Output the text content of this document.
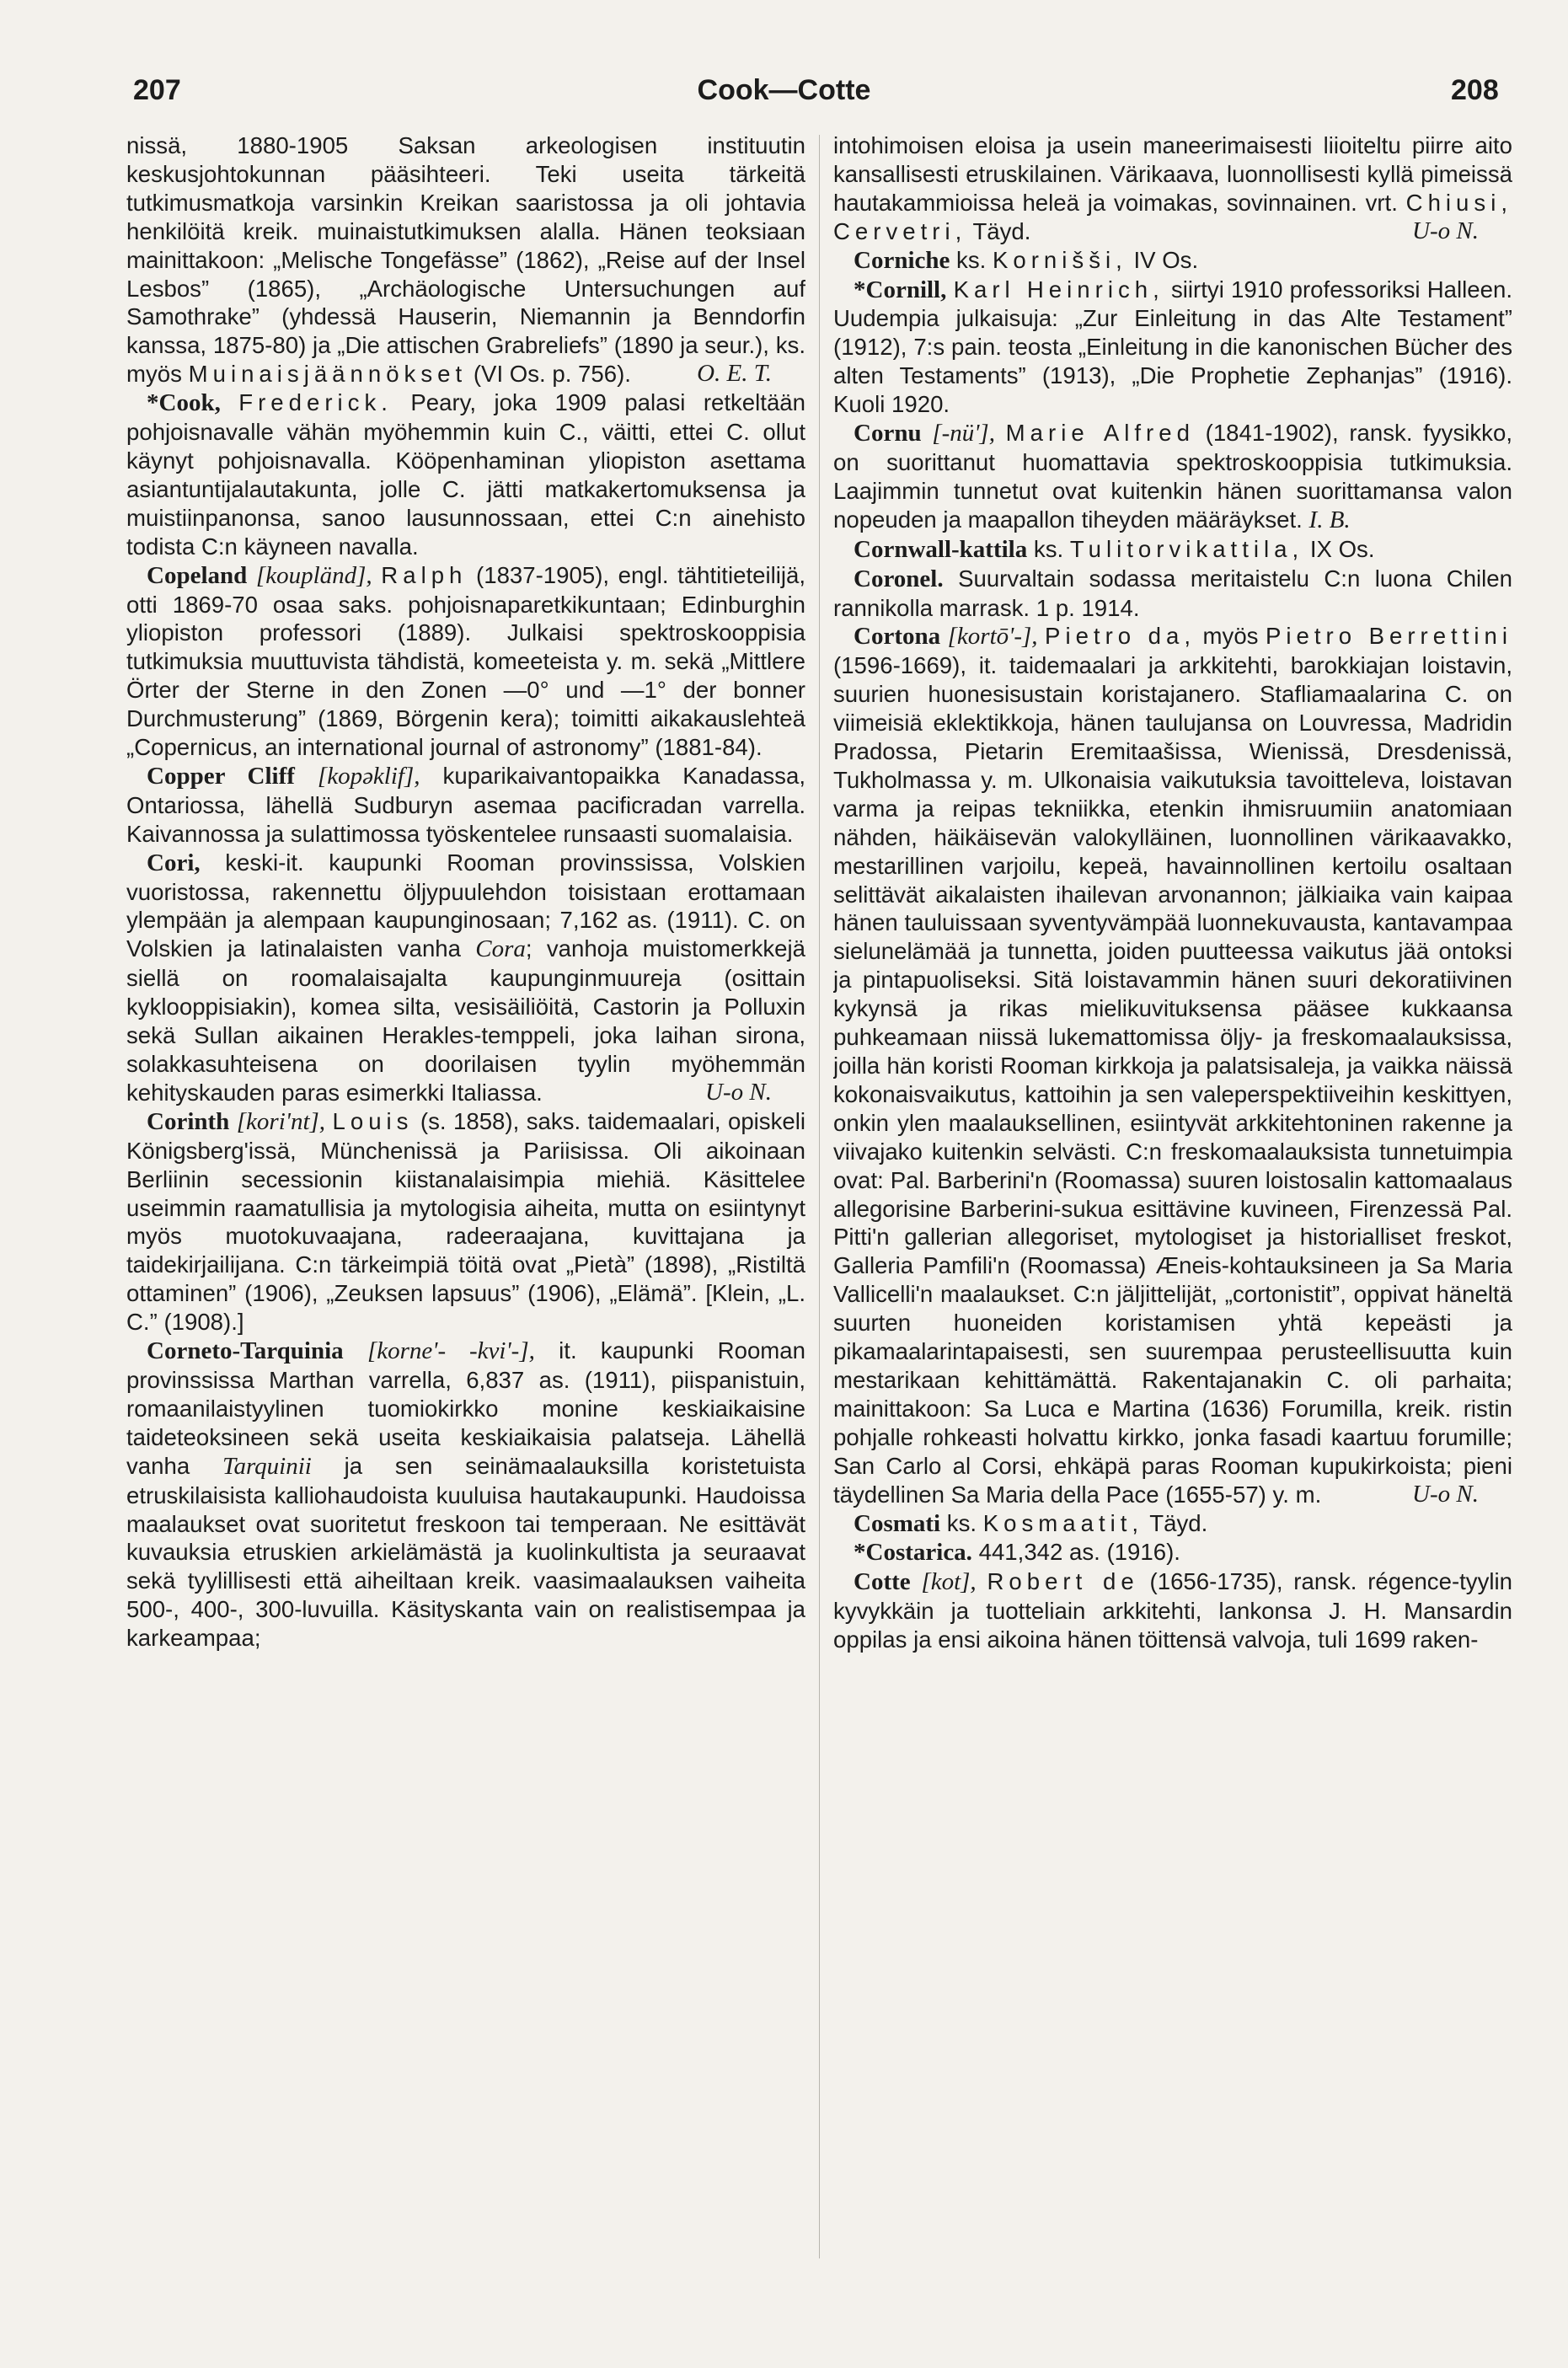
207	Cook—Cotte	208

nissä, 1880-1905 Saksan arkeologisen instituutin keskusjohtokunnan pääsihteeri. Teki useita tärkeitä tutkimusmatkoja varsinkin Kreikan saaristossa ja oli johtavia henkilöitä kreik. muinaistutkimuksen alalla. Hänen teoksiaan mainittakoon: „Melische Tongefässe” (1862), „Reise auf der Insel Lesbos” (1865), „Archäologische Untersuchungen auf Samothrake” (yhdessä Hauserin, Niemannin ja Benndorfin kanssa, 1875-80) ja „Die attischen Grabreliefs” (1890 ja seur.), ks. myös Muinaisjäännökset (VI Os. p. 756).	O. E. T.

*Cook, Frederick. Peary, joka 1909 palasi retkeltään pohjoisnavalle vähän myöhemmin kuin C., väitti, ettei C. ollut käynyt pohjoisnavalla. Kööpenhaminan yliopiston asettama asiantuntijalautakunta, jolle C. jätti matkakertomuksensa ja muistiinpanonsa, sanoo lausunnossaan, ettei C:n ainehisto todista C:n käyneen navalla.

Copeland [koupländ], Ralph (1837-1905), engl. tähtitieteilijä, otti 1869-70 osaa saks. pohjoisnaparetkikuntaan; Edinburghin yliopiston professori (1889). Julkaisi spektroskooppisia tutkimuksia muuttuvista tähdistä, komeeteista y. m. sekä „Mittlere Örter der Sterne in den Zonen —0° und —1° der bonner Durchmusterung” (1869, Börgenin kera); toimitti aikakauslehteä „Copernicus, an international journal of astronomy” (1881-84).

Copper Cliff [kopəklif], kuparikaivantopaikka Kanadassa, Ontariossa, lähellä Sudburyn asemaa pacificradan varrella. Kaivannossa ja sulattimossa työskentelee runsaasti suomalaisia.

Cori, keski-it. kaupunki Rooman provinssissa, Volskien vuoristossa, rakennettu öljypuulehdon toisistaan erottamaan ylempään ja alempaan kaupunginosaan; 7,162 as. (1911). C. on Volskien ja latinalaisten vanha Cora; vanhoja muistomerkkejä siellä on roomalaisajalta kaupunginmuureja (osittain kyklooppisiakin), komea silta, vesisäiliöitä, Castorin ja Polluxin sekä Sullan aikainen Herakles-temppeli, joka laihan sirona, solakkasuhteisena on doorilaisen tyylin myöhemmän kehityskauden paras esimerkki Italiassa.	U-o N.

Corinth [kori'nt], Louis (s. 1858), saks. taidemaalari, opiskeli Königsberg'issä, Münchenissä ja Pariisissa. Oli aikoinaan Berliinin secessionin kiistanalaisimpia miehiä. Käsittelee useimmin raamatullisia ja mytologisia aiheita, mutta on esiintynyt myös muotokuvaajana, radeeraajana, kuvittajana ja taidekirjailijana. C:n tärkeimpiä töitä ovat „Pietà” (1898), „Ristiltä ottaminen” (1906), „Zeuksen lapsuus” (1906), „Elämä”. [Klein, „L. C.” (1908).]

Corneto-Tarquinia [korne'- -kvi'-], it. kaupunki Rooman provinssissa Marthan varrella, 6,837 as. (1911), piispanistuin, romaanilaistyylinen tuomiokirkko monine keskiaikaisine taideteoksineen sekä useita keskiaikaisia palatseja. Lähellä vanha Tarquinii ja sen seinämaalauksilla koristetuista etruskilaisista kalliohaudoista kuuluisa hautakaupunki. Haudoissa maalaukset ovat suoritetut freskoon tai temperaan. Ne esittävät kuvauksia etruskien arkielämästä ja kuolinkultista ja seuraavat sekä tyylillisesti että aiheiltaan kreik. vaasimaalauksen vaiheita 500-, 400-, 300-luvuilla. Käsityskanta vain on realistisempaa ja karkeampaa;

intohimoisen eloisa ja usein maneerimaisesti liioiteltu piirre aito kansallisesti etruskilainen. Värikaava, luonnollisesti kyllä pimeissä hautakammioissa heleä ja voimakas, sovinnainen. vrt. Chiusi, Cervetri, Täyd.	U-o N.

Corniche ks. Kornišši, IV Os.

*Cornill, Karl Heinrich, siirtyi 1910 professoriksi Halleen. Uudempia julkaisuja: „Zur Einleitung in das Alte Testament” (1912), 7:s pain. teosta „Einleitung in die kanonischen Bücher des alten Testaments” (1913), „Die Prophetie Zephanjas” (1916). Kuoli 1920.

Cornu [-nü'], Marie Alfred (1841-1902), ransk. fyysikko, on suorittanut huomattavia spektroskooppisia tutkimuksia. Laajimmin tunnetut ovat kuitenkin hänen suorittamansa valon nopeuden ja maapallon tiheyden määräykset. I. B.

Cornwall-kattila ks. Tulitorvikattila, IX Os.

Coronel. Suurvaltain sodassa meritaistelu C:n luona Chilen rannikolla marrask. 1 p. 1914.

Cortona [kortō'-], Pietro da, myös Pietro Berrettini (1596-1669), it. taidemaalari ja arkkitehti, barokkiajan loistavin, suurien huonesisustain koristajanero. Stafliamaalarina C. on viimeisiä eklektikkoja, hänen taulujansa on Louvressa, Madridin Pradossa, Pietarin Eremitaašissa, Wienissä, Dresdenissä, Tukholmassa y. m. Ulkonaisia vaikutuksia tavoitteleva, loistavan varma ja reipas tekniikka, etenkin ihmisruumiin anatomiaan nähden, häikäisevän valokylläinen, luonnollinen värikaavakko, mestarillinen varjoilu, kepeä, havainnollinen kertoilu osaltaan selittävät aikalaisten ihailevan arvonannon; jälkiaika vain kaipaa hänen tauluissaan syventyvämpää luonnekuvausta, kantavampaa sielunelämää ja tunnetta, joiden puutteessa vaikutus jää ontoksi ja pintapuoliseksi. Sitä loistavammin hänen suuri dekoratiivinen kykynsä ja rikas mielikuvituksensa pääsee kukkaansa puhkeamaan niissä lukemattomissa öljy- ja freskomaalauksissa, joilla hän koristi Rooman kirkkoja ja palatsisaleja, ja vaikka näissä kokonaisvaikutus, kattoihin ja sen valeperspektiiveihin keskittyen, onkin ylen maalauksellinen, esiintyvät arkkitehtoninen rakenne ja viivajako kuitenkin selvästi. C:n freskomaalauksista tunnetuimpia ovat: Pal. Barberini'n (Roomassa) suuren loistosalin kattomaalaus allegorisine Barberini-sukua esittävine kuvineen, Firenzessä Pal. Pitti'n gallerian allegoriset, mytologiset ja historialliset freskot, Galleria Pamfili'n (Roomassa) Æneis-kohtauksineen ja Sa Maria Vallicelli'n maalaukset. C:n jäljittelijät, „cortonistit”, oppivat häneltä suurten huoneiden koristamisen yhtä kepeästi ja pikamaalarintapaisesti, sen suurempaa perusteellisuutta kuin mestarikaan kehittämättä. Rakentajanakin C. oli parhaita; mainittakoon: Sa Luca e Martina (1636) Forumilla, kreik. ristin pohjalle rohkeasti holvattu kirkko, jonka fasadi kaartuu forumille; San Carlo al Corsi, ehkäpä paras Rooman kupukirkoista; pieni täydellinen Sa Maria della Pace (1655-57) y. m.	U-o N.

Cosmati ks. Kosmaatit, Täyd.

*Costarica. 441,342 as. (1916).

Cotte [kot], Robert de (1656-1735), ransk. régence-tyylin kyvykkäin ja tuotteliain arkkitehti, lankonsa J. H. Mansardin oppilas ja ensi aikoina hänen töittensä valvoja, tuli 1699 raken-
